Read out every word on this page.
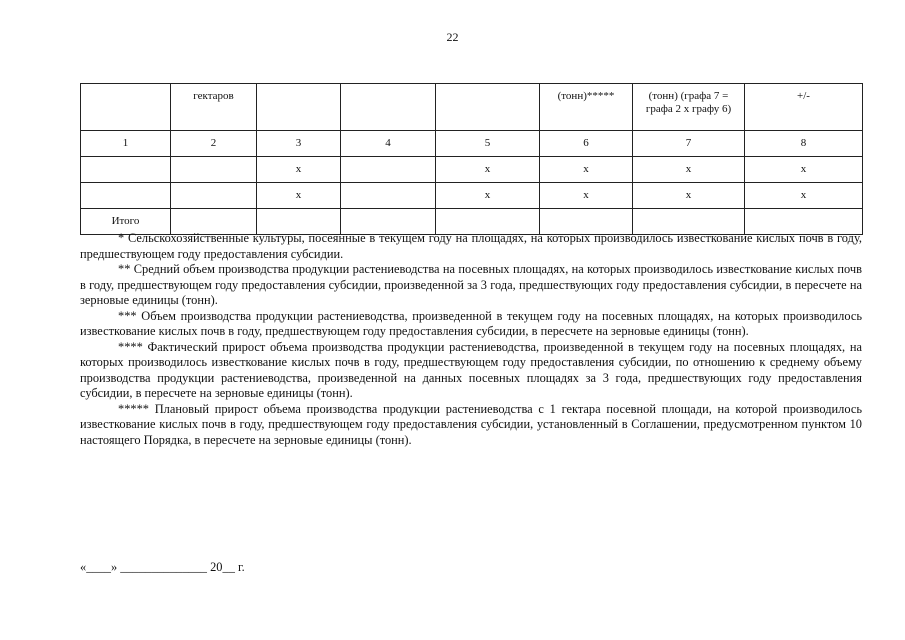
22
	гектаров				(тонн)*****	(тонн) (графа 7 = графа 2 х графу 6)	+/-
1	2	3	4	5	6	7	8
		x		x	x	x	x
		x		x	x	x	x
Итого							

* Сельскохозяйственные культуры, посеянные в текущем году на площадях, на которых производилось известкование кислых почв в году, предшествующем году предоставления субсидии.

** Средний объем производства продукции растениеводства на посевных площадях, на которых производилось известкование кислых почв в году, предшествующем году предоставления субсидии, произведенной за 3 года, предшествующих году предоставления субсидии, в пересчете на зерновые единицы (тонн).

*** Объем производства продукции растениеводства, произведенной в текущем году на посевных площадях, на которых производилось известкование кислых почв в году, предшествующем году предоставления субсидии, в пересчете на зерновые единицы (тонн).

**** Фактический прирост объема производства продукции растениеводства, произведенной в текущем году на посевных площадях, на которых производилось известкование кислых почв в году, предшествующем году предоставления субсидии, по отношению к среднему объему производства продукции растениеводства, произведенной на данных посевных площадях за 3 года, предшествующих году предоставления субсидии, в пересчете на зерновые единицы (тонн).

***** Плановый прирост объема производства продукции растениеводства с 1 гектара посевной площади, на которой производилось известкование кислых почв в году, предшествующем году предоставления субсидии, установленный в Соглашении, предусмотренном пунктом 10 настоящего Порядка, в пересчете на зерновые единицы (тонн).

«____» ______________ 20__ г.
